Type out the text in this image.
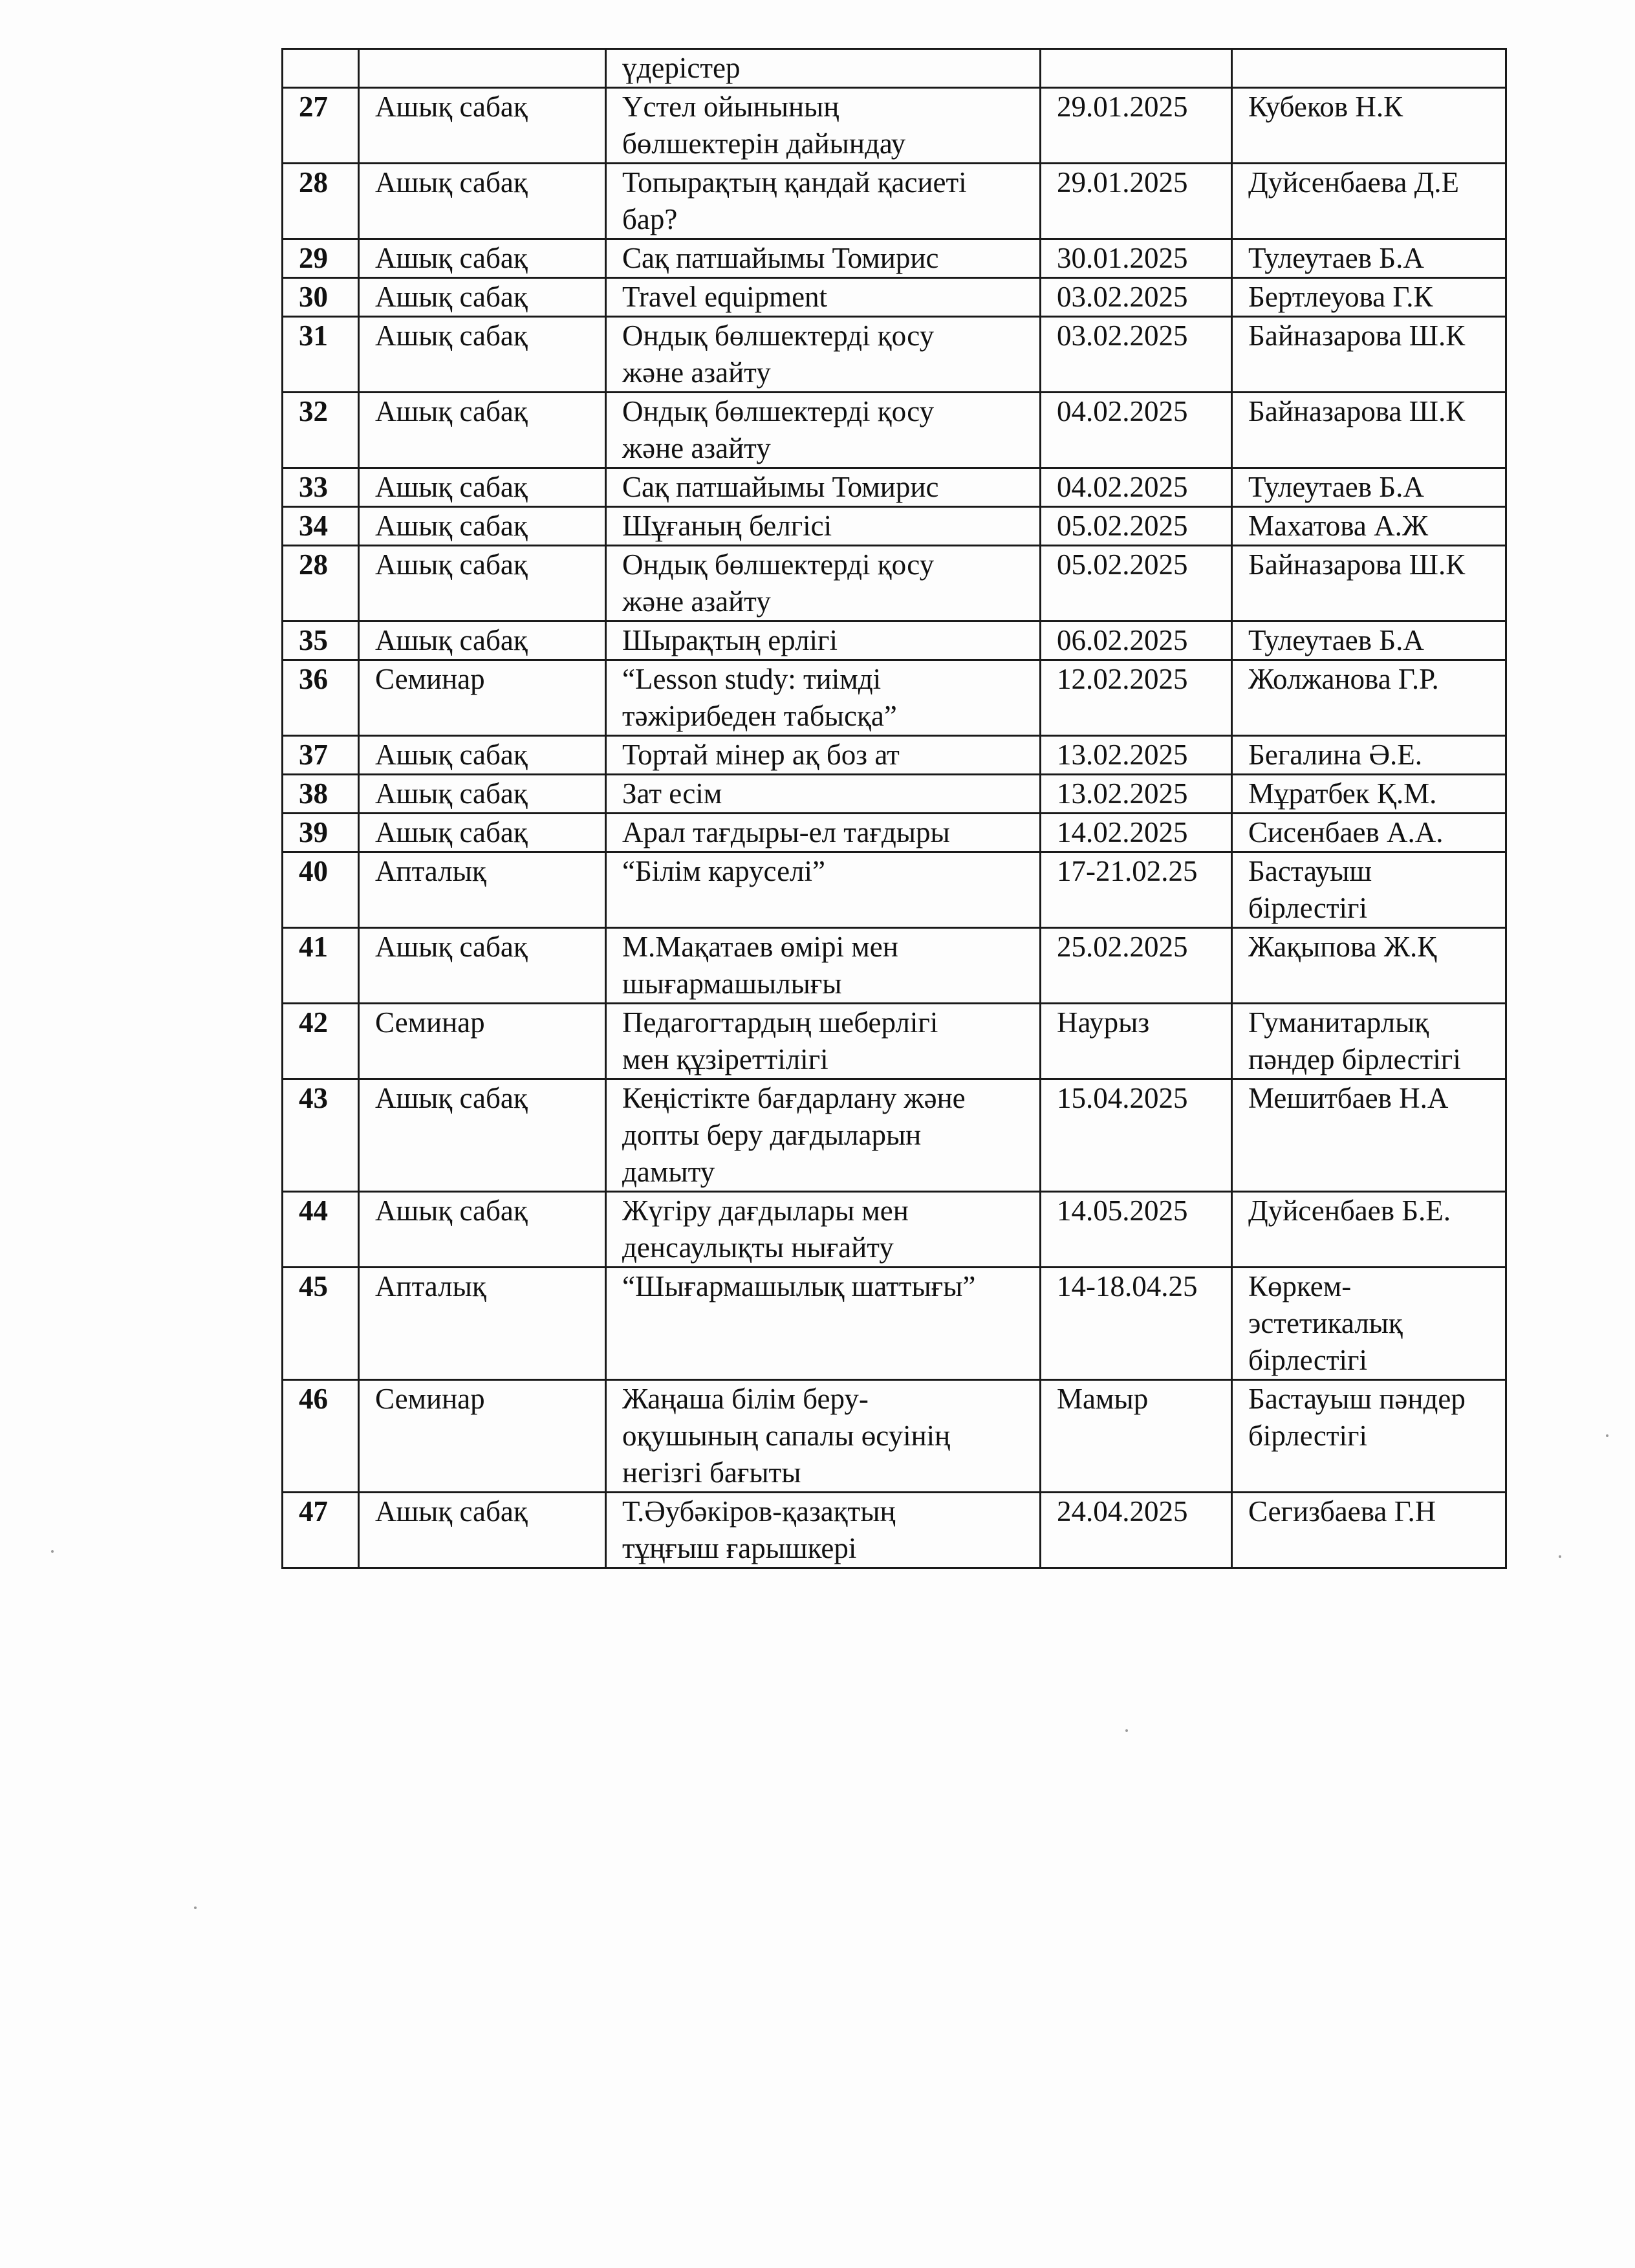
		үдерістер		

27	Ашық сабақ	Үстел ойынының
бөлшектерін дайындау	29.01.2025	Кубеков Н.К

28	Ашық сабақ	Топырақтың қандай қасиеті
бар?	29.01.2025	Дуйсенбаева Д.Е

29	Ашық сабақ	Сақ патшайымы Томирис	30.01.2025	Тулеутаев Б.А

30	Ашық сабақ	Travel equipment	03.02.2025	Бертлеуова Г.К

31	Ашық сабақ	Ондық бөлшектерді қосу
және азайту	03.02.2025	Байназарова Ш.К

32	Ашық сабақ	Ондық бөлшектерді қосу
және азайту	04.02.2025	Байназарова Ш.К

33	Ашық сабақ	Сақ патшайымы Томирис	04.02.2025	Тулеутаев Б.А

34	Ашық сабақ	Шұғаның белгісі	05.02.2025	Махатова А.Ж

28	Ашық сабақ	Ондық бөлшектерді қосу
және азайту	05.02.2025	Байназарова Ш.К

35	Ашық сабақ	Шырақтың ерлігі	06.02.2025	Тулеутаев Б.А

36	Семинар	“Lesson study: тиімді
тәжірибеден табысқа”	12.02.2025	Жолжанова Г.Р.

37	Ашық сабақ	Тортай мінер ақ боз ат	13.02.2025	Бегалина Ә.Е.

38	Ашық сабақ	Зат есім	13.02.2025	Мұратбек Қ.М.

39	Ашық сабақ	Арал тағдыры-ел тағдыры	14.02.2025	Сисенбаев А.А.

40	Апталық	“Білім каруселі”	17-21.02.25	Бастауыш
бірлестігі

41	Ашық сабақ	М.Мақатаев өмірі мен
шығармашылығы	25.02.2025	Жақыпова Ж.Қ

42	Семинар	Педагогтардың шеберлігі
мен құзіреттілігі	Наурыз	Гуманитарлық
пәндер бірлестігі

43	Ашық сабақ	Кеңістікте бағдарлану және
допты беру дағдыларын
дамыту	15.04.2025	Мешитбаев Н.А

44	Ашық сабақ	Жүгіру дағдылары мен
денсаулықты нығайту	14.05.2025	Дуйсенбаев Б.Е.

45	Апталық	“Шығармашылық шаттығы”	14-18.04.25	Көркем-
эстетикалық
бірлестігі

46	Семинар	Жаңаша білім беру-
оқушының сапалы өсуінің
негізгі бағыты	Мамыр	Бастауыш пәндер
бірлестігі

47	Ашық сабақ	Т.Әубәкіров-қазақтың
тұңғыш ғарышкері	24.04.2025	Сегизбаева Г.Н
